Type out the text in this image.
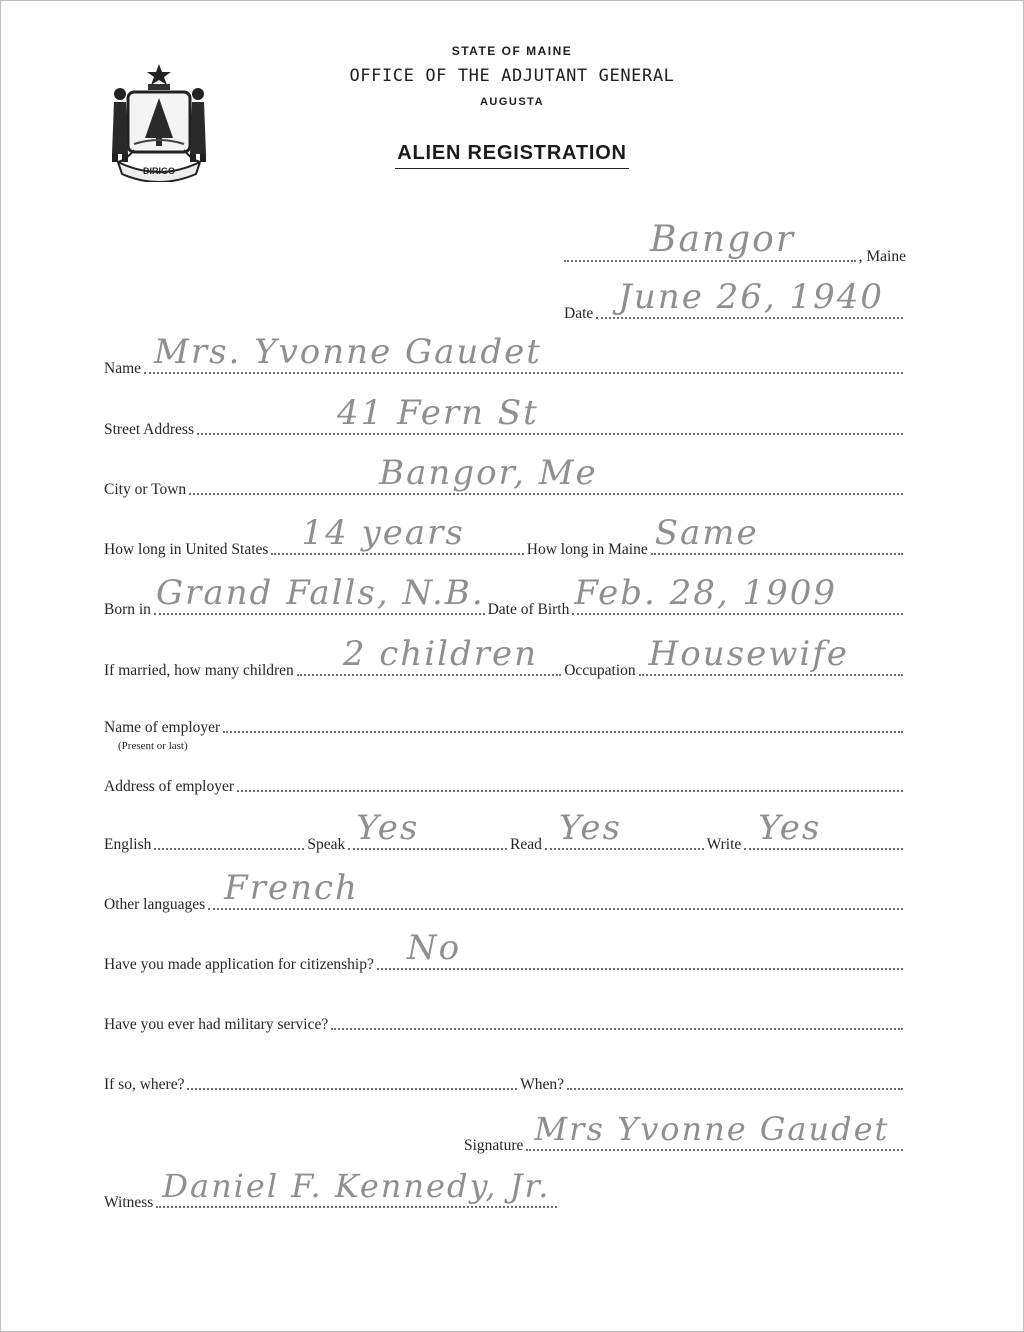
DIRIGO
STATE OF MAINE
OFFICE OF THE ADJUTANT GENERAL
AUGUSTA
ALIEN REGISTRATION
Bangor	, Maine
Date June 26, 1940
Name Mrs. Yvonne Gaudet
Street Address	41 Fern St
City or Town	Bangor, Me
How long in United States 14 years	How long in Maine Same
Born in Grand Falls, N.B. Date of Birth Feb. 28, 1909
If married, how many children 2 children Occupation Housewife
Name of employer
(Present or last)
Address of employer
English	Speak Yes	Read Yes	Write Yes
Other languages French
Have you made application for citizenship? No
Have you ever had military service?
If so, where?	When?
Signature Mrs Yvonne Gaudet
Witness Daniel F. Kennedy, Jr.
